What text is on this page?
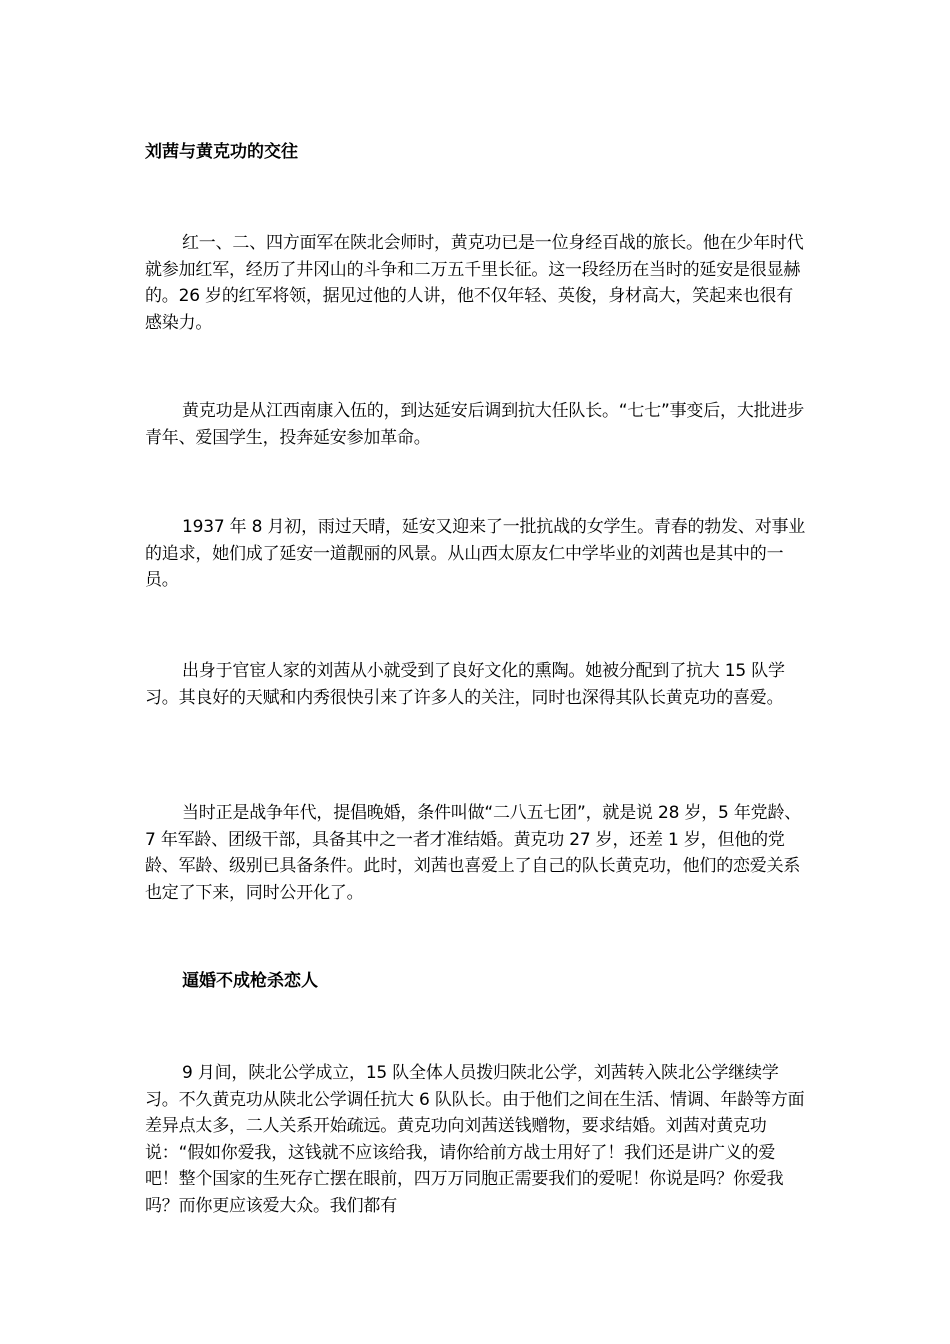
刘茜与黄克功的交往

红一、二、四方面军在陕北会师时，黄克功已是一位身经百战的旅长。他在少年时代就参加红军，经历了井冈山的斗争和二万五千里长征。这一段经历在当时的延安是很显赫的。26 岁的红军将领，据见过他的人讲，他不仅年轻、英俊，身材高大，笑起来也很有感染力。

黄克功是从江西南康入伍的，到达延安后调到抗大任队长。“七七”事变后，大批进步青年、爱国学生，投奔延安参加革命。

1937 年 8 月初，雨过天晴，延安又迎来了一批抗战的女学生。青春的勃发、对事业的追求，她们成了延安一道靓丽的风景。从山西太原友仁中学毕业的刘茜也是其中的一员。

出身于官宦人家的刘茜从小就受到了良好文化的熏陶。她被分配到了抗大 15 队学习。其良好的天赋和内秀很快引来了许多人的关注，同时也深得其队长黄克功的喜爱。

当时正是战争年代，提倡晚婚，条件叫做“二八五七团”，就是说 28 岁，5 年党龄、7 年军龄、团级干部，具备其中之一者才准结婚。黄克功 27 岁，还差 1 岁，但他的党龄、军龄、级别已具备条件。此时，刘茜也喜爱上了自己的队长黄克功，他们的恋爱关系也定了下来，同时公开化了。

逼婚不成枪杀恋人

9 月间，陕北公学成立，15 队全体人员拨归陕北公学，刘茜转入陕北公学继续学习。不久黄克功从陕北公学调任抗大 6 队队长。由于他们之间在生活、情调、年龄等方面差异点太多，二人关系开始疏远。黄克功向刘茜送钱赠物，要求结婚。刘茜对黄克功说：“假如你爱我，这钱就不应该给我，请你给前方战士用好了！我们还是讲广义的爱吧！整个国家的生死存亡摆在眼前，四万万同胞正需要我们的爱呢！你说是吗？你爱我吗？而你更应该爱大众。我们都有
